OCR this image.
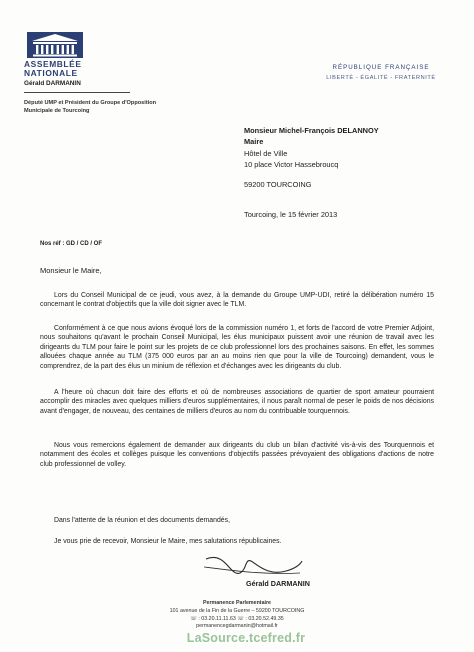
ASSEMBLÉE
NATIONALE
Gérald DARMANIN
Député UMP et Président du Groupe d'Opposition Municipale de Tourcoing
RÉPUBLIQUE FRANÇAISE
LIBERTÉ - ÉGALITÉ - FRATERNITÉ
Monsieur Michel-François DELANNOY
Maire
Hôtel de Ville
10 place Victor Hassebroucq
59200 TOURCOING
Tourcoing, le 15 février 2013
Nos réf : GD / CD / OF
Monsieur le Maire,
Lors du Conseil Municipal de ce jeudi, vous avez, à la demande du Groupe UMP-UDI, retiré la délibération numéro 15 concernant le contrat d'objectifs que la ville doit signer avec le TLM.
Conformément à ce que nous avions évoqué lors de la commission numéro 1, et forts de l'accord de votre Premier Adjoint, nous souhaitons qu'avant le prochain Conseil Municipal, les élus municipaux puissent avoir une réunion de travail avec les dirigeants du TLM pour faire le point sur les projets de ce club professionnel lors des prochaines saisons. En effet, les sommes allouées chaque année au TLM (375 000 euros par an au moins rien que pour la ville de Tourcoing) demandent, vous le comprendrez, de la part des élus un minium de réflexion et d'échanges avec les dirigeants du club.
A l'heure où chacun doit faire des efforts et où de nombreuses associations de quartier de sport amateur pourraient accomplir des miracles avec quelques milliers d'euros supplémentaires, il nous paraît normal de peser le poids de nos décisions avant d'engager, de nouveau, des centaines de milliers d'euros au nom du contribuable tourquennois.
Nous vous remercions également de demander aux dirigeants du club un bilan d'activité vis-à-vis des Tourquennois et notamment des écoles et collèges puisque les conventions d'objectifs passées prévoyaient des obligations d'actions de notre club professionnel de volley.
Dans l'attente de la réunion et des documents demandés,
Je vous prie de recevoir, Monsieur le Maire, mes salutations républicaines.
Gérald DARMANIN
Permanence Parlementaire
101 avenue de la Fin de la Guerre – 59200 TOURCOING
☏ : 03.20.11.11.63 ☏ : 03.20.52.49.35
permanencegdarmanin@hotmail.fr
LaSource.tcefred.fr
